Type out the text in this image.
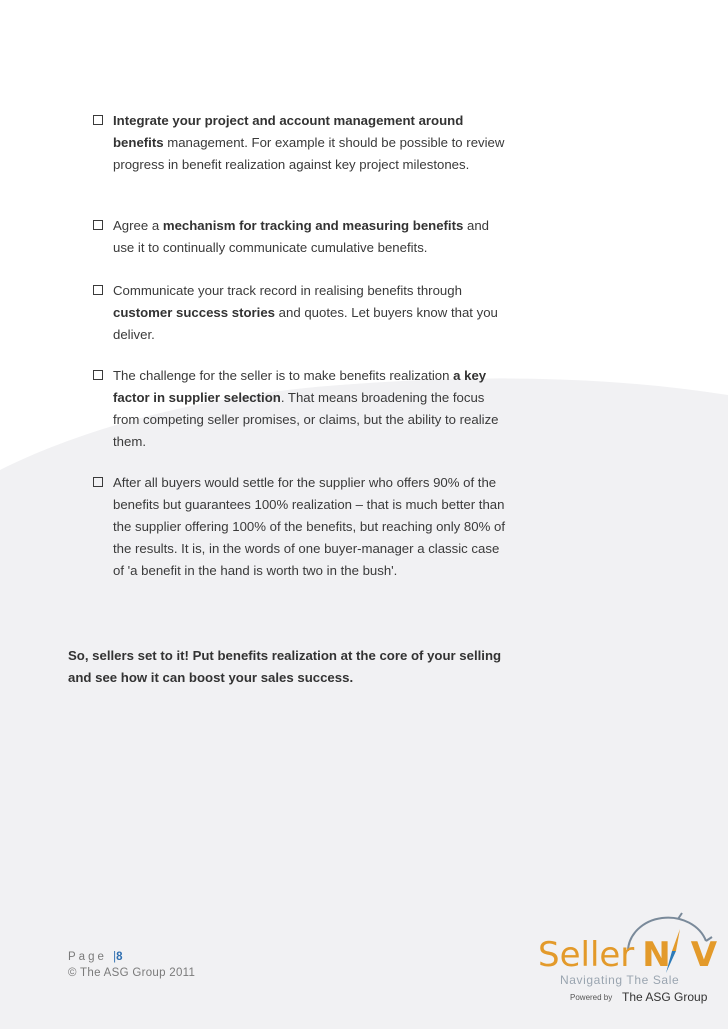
Integrate your project and account management around
benefits management. For example it should be possible to review progress in benefit realization against key project milestones.
Agree a mechanism for tracking and measuring benefits and use it to continually communicate cumulative benefits.
Communicate your track record in realising benefits through customer success stories and quotes. Let buyers know that you deliver.
The challenge for the seller is to make benefits realization a key factor in supplier selection. That means broadening the focus from competing seller promises, or claims, but the ability to realize them.
After all buyers would settle for the supplier who offers 90% of the benefits but guarantees 100% realization – that is much better than the supplier offering 100% of the benefits, but reaching only 80% of the results. It is, in the words of one buyer-manager a classic case of 'a benefit in the hand is worth two in the bush'.
So, sellers set to it! Put benefits realization at the core of your selling and see how it can boost your sales success.
Page |8
© The ASG Group 2011	Seller N V
Navigating The Sale
Powered by The ASG Group
